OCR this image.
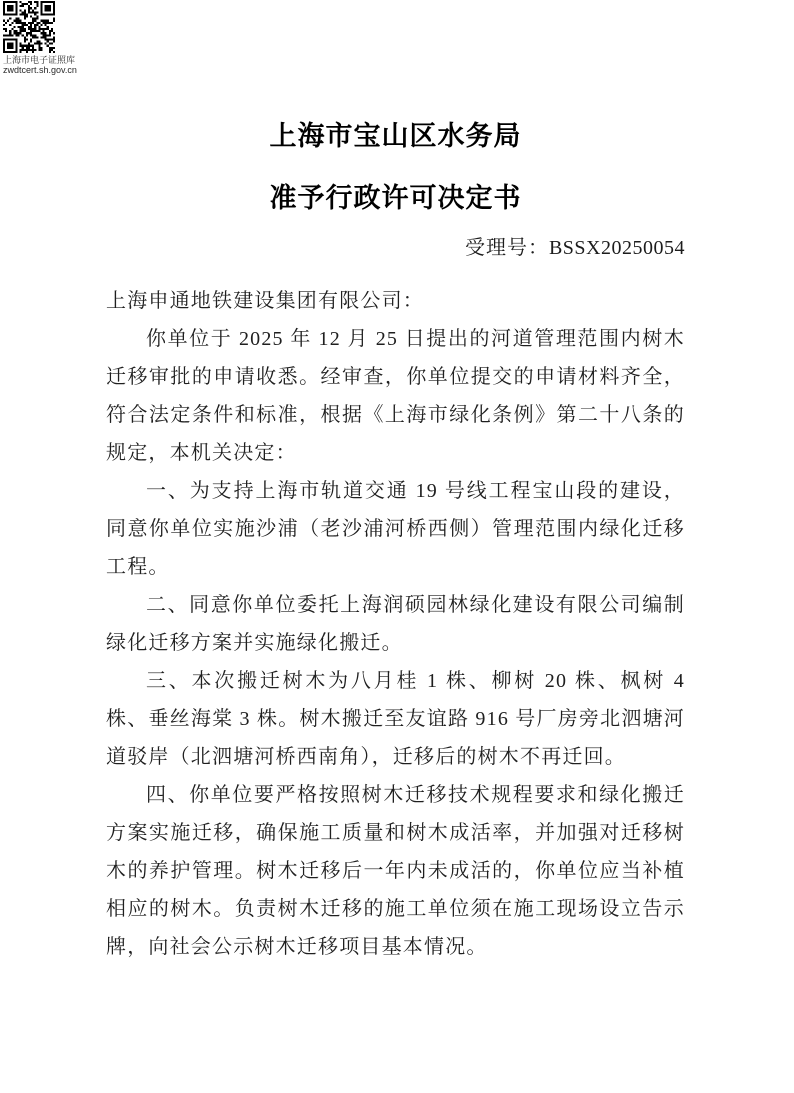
上海市电子证照库
zwdtcert.sh.gov.cn
上海市宝山区水务局
准予行政许可决定书
受理号：BSSX20250054

上海申通地铁建设集团有限公司：

你单位于 2025 年 12 月 25 日提出的河道管理范围内树木迁移审批的申请收悉。经审查，你单位提交的申请材料齐全，符合法定条件和标准，根据《上海市绿化条例》第二十八条的规定，本机关决定：

一、为支持上海市轨道交通 19 号线工程宝山段的建设，同意你单位实施沙浦（老沙浦河桥西侧）管理范围内绿化迁移工程。

二、同意你单位委托上海润硕园林绿化建设有限公司编制绿化迁移方案并实施绿化搬迁。

三、本次搬迁树木为八月桂 1 株、柳树 20 株、枫树 4 株、垂丝海棠 3 株。树木搬迁至友谊路 916 号厂房旁北泗塘河道驳岸（北泗塘河桥西南角），迁移后的树木不再迁回。

四、你单位要严格按照树木迁移技术规程要求和绿化搬迁方案实施迁移，确保施工质量和树木成活率，并加强对迁移树木的养护管理。树木迁移后一年内未成活的，你单位应当补植相应的树木。负责树木迁移的施工单位须在施工现场设立告示牌，向社会公示树木迁移项目基本情况。
